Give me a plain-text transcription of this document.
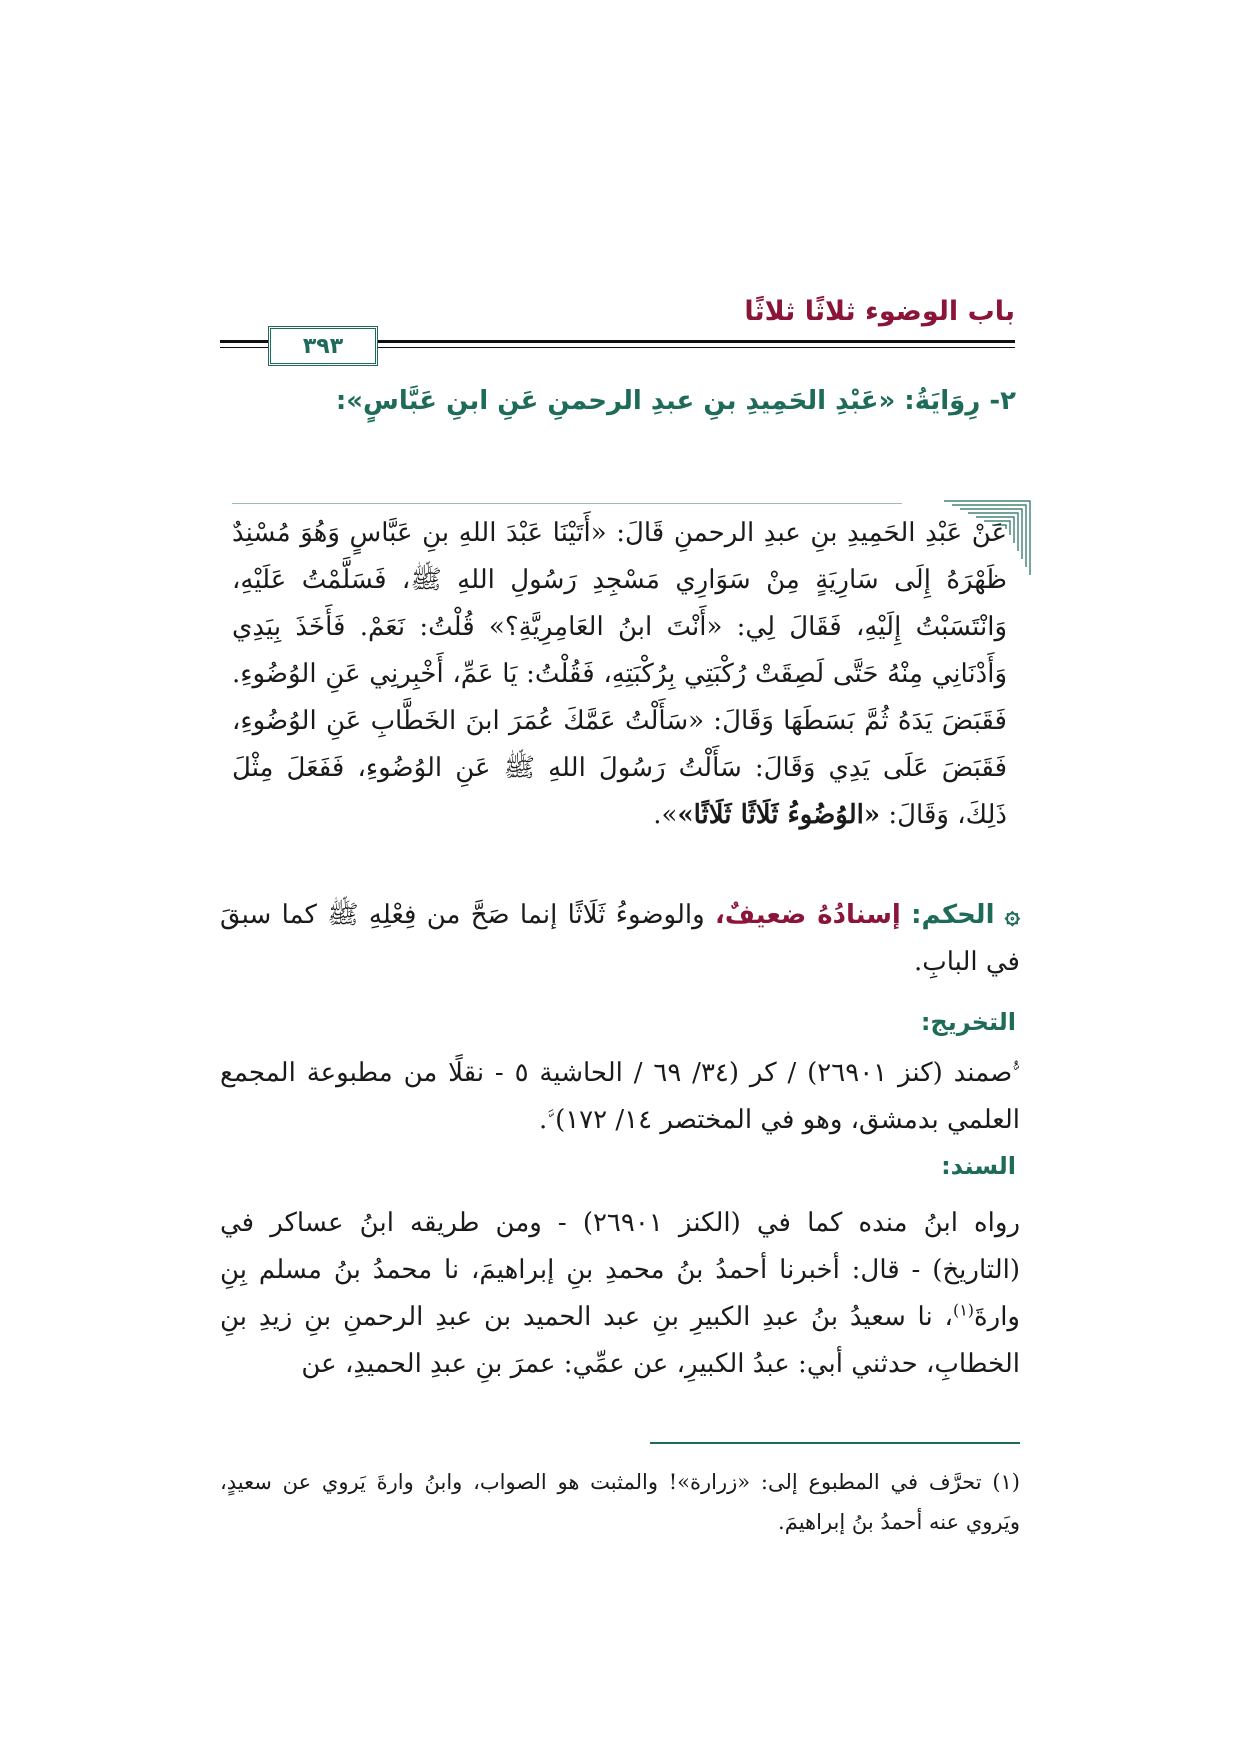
باب الوضوء ثلاثًا ثلاثًا
٣٩٣
٢- رِوَايَةُ: «عَبْدِ الحَمِيدِ بنِ عبدِ الرحمنِ عَنِ ابنِ عَبَّاسٍ»:

عَنْ عَبْدِ الحَمِيدِ بنِ عبدِ الرحمنِ قَالَ: «أَتَيْنَا عَبْدَ اللهِ بنِ عَبَّاسٍ وَهُوَ مُسْنِدٌ ظَهْرَهُ إِلَى سَارِيَةٍ مِنْ سَوَارِي مَسْجِدِ رَسُولِ اللهِ ﷺ، فَسَلَّمْتُ عَلَيْهِ، وَانْتَسَبْتُ إِلَيْهِ، فَقَالَ لِي: «أَنْتَ ابنُ العَامِرِيَّةِ؟» قُلْتُ: نَعَمْ. فَأَخَذَ بِيَدِي وَأَدْنَانِي مِنْهُ حَتَّى لَصِقَتْ رُكْبَتِي بِرُكْبَتِهِ، فَقُلْتُ: يَا عَمِّ، أَخْبِرنِي عَنِ الوُضُوءِ. فَقَبَضَ يَدَهُ ثُمَّ بَسَطَهَا وَقَالَ: «سَأَلْتُ عَمَّكَ عُمَرَ ابنَ الخَطَّابِ عَنِ الوُضُوءِ، فَقَبَضَ عَلَى يَدِي وَقَالَ: سَأَلْتُ رَسُولَ اللهِ ﷺ عَنِ الوُضُوءِ، فَفَعَلَ مِثْلَ ذَلِكَ، وَقَالَ: «الوُضُوءُ ثَلَاثًا ثَلَاثًا»».

۞ الحكم: إسنادُهُ ضعيفٌ، والوضوءُ ثَلَاثًا إنما صَحَّ من فِعْلِهِ ﷺ كما سبقَ في البابِ.

التخريج:

ﱡصمند (كنز ٢٦٩٠١) / كر (٣٤/ ٦٩ / الحاشية ٥ - نقلًا من مطبوعة المجمع العلمي بدمشق، وهو في المختصر ١٤/ ١٧٢)ﱠ.

السند:

رواه ابنُ منده كما في (الكنز ٢٦٩٠١) - ومن طريقه ابنُ عساكر في (التاريخ) - قال: أخبرنا أحمدُ بنُ محمدِ بنِ إبراهيمَ، نا محمدُ بنُ مسلم بِنِ وارةَ$^{(١)}$، نا سعيدُ بنُ عبدِ الكبيرِ بنِ عبد الحميد بن عبدِ الرحمنِ بنِ زيدِ بنِ الخطابِ، حدثني أبي: عبدُ الكبيرِ، عن عمِّي: عمرَ بنِ عبدِ الحميدِ، عن

(١) تحرَّف في المطبوع إلى: «زرارة»! والمثبت هو الصواب، وابنُ وارةَ يَروي عن سعيدٍ، ويَروي عنه أحمدُ بنُ إبراهيمَ.
